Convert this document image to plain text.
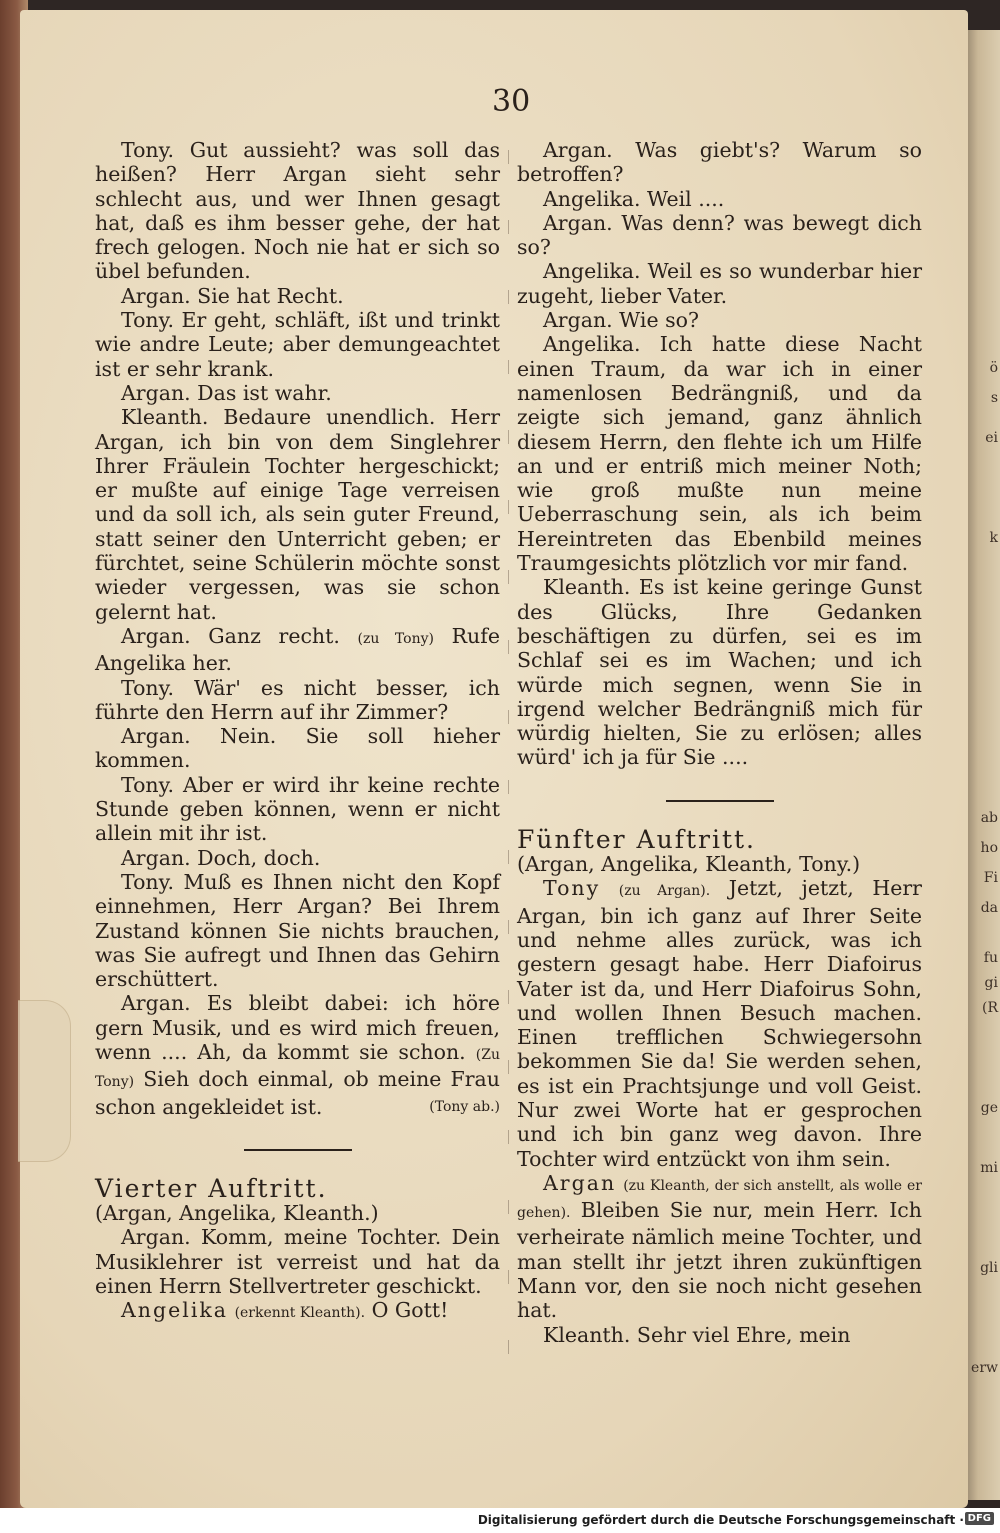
ö
s
ei
k
ab
ho
Fi
da
fu
gi
(R
ge
mi
gli
erw
30

Tony. Gut aussieht? was soll das heißen? Herr Argan sieht sehr schlecht aus, und wer Ihnen gesagt hat, daß es ihm besser gehe, der hat frech gelogen. Noch nie hat er sich so übel befunden.

Argan. Sie hat Recht.

Tony. Er geht, schläft, ißt und trinkt wie andre Leute; aber demungeachtet ist er sehr krank.

Argan. Das ist wahr.

Kleanth. Bedaure unendlich. Herr Argan, ich bin von dem Singlehrer Ihrer Fräulein Tochter hergeschickt; er mußte auf einige Tage verreisen und da soll ich, als sein guter Freund, statt seiner den Unterricht geben; er fürchtet, seine Schülerin möchte sonst wieder vergessen, was sie schon gelernt hat.

Argan. Ganz recht. (zu Tony) Rufe Angelika her.

Tony. Wär' es nicht besser, ich führte den Herrn auf ihr Zimmer?

Argan. Nein. Sie soll hieher kommen.

Tony. Aber er wird ihr keine rechte Stunde geben können, wenn er nicht allein mit ihr ist.

Argan. Doch, doch.

Tony. Muß es Ihnen nicht den Kopf einnehmen, Herr Argan? Bei Ihrem Zustand können Sie nichts brauchen, was Sie aufregt und Ihnen das Gehirn erschüttert.

Argan. Es bleibt dabei: ich höre gern Musik, und es wird mich freuen, wenn .... Ah, da kommt sie schon. (Zu Tony) Sieh doch einmal, ob meine Frau schon angekleidet ist.	(Tony ab.)

Vierter Auftritt.

(Argan, Angelika, Kleanth.)

Argan. Komm, meine Tochter. Dein Musiklehrer ist verreist und hat da einen Herrn Stellvertreter geschickt.

Angelika (erkennt Kleanth). O Gott!

Argan. Was giebt's? Warum so betroffen?

Angelika. Weil ....

Argan. Was denn? was bewegt dich so?

Angelika. Weil es so wunderbar hier zugeht, lieber Vater.

Argan. Wie so?

Angelika. Ich hatte diese Nacht einen Traum, da war ich in einer namenlosen Bedrängniß, und da zeigte sich jemand, ganz ähnlich diesem Herrn, den flehte ich um Hilfe an und er entriß mich meiner Noth; wie groß mußte nun meine Ueberraschung sein, als ich beim Hereintreten das Ebenbild meines Traumgesichts plötzlich vor mir fand.

Kleanth. Es ist keine geringe Gunst des Glücks, Ihre Gedanken beschäftigen zu dürfen, sei es im Schlaf sei es im Wachen; und ich würde mich segnen, wenn Sie in irgend welcher Bedrängniß mich für würdig hielten, Sie zu erlösen; alles würd' ich ja für Sie ....

Fünfter Auftritt.

(Argan, Angelika, Kleanth, Tony.)

Tony (zu Argan). Jetzt, jetzt, Herr Argan, bin ich ganz auf Ihrer Seite und nehme alles zurück, was ich gestern gesagt habe. Herr Diafoirus Vater ist da, und Herr Diafoirus Sohn, und wollen Ihnen Besuch machen. Einen trefflichen Schwiegersohn bekommen Sie da! Sie werden sehen, es ist ein Prachtsjunge und voll Geist. Nur zwei Worte hat er gesprochen und ich bin ganz weg davon. Ihre Tochter wird entzückt von ihm sein.

Argan (zu Kleanth, der sich anstellt, als wolle er gehen). Bleiben Sie nur, mein Herr. Ich verheirate nämlich meine Tochter, und man stellt ihr jetzt ihren zukünftigen Mann vor, den sie noch nicht gesehen hat.

Kleanth. Sehr viel Ehre, mein

Digitalisierung gefördert durch die Deutsche Forschungsgemeinschaft · DFG
